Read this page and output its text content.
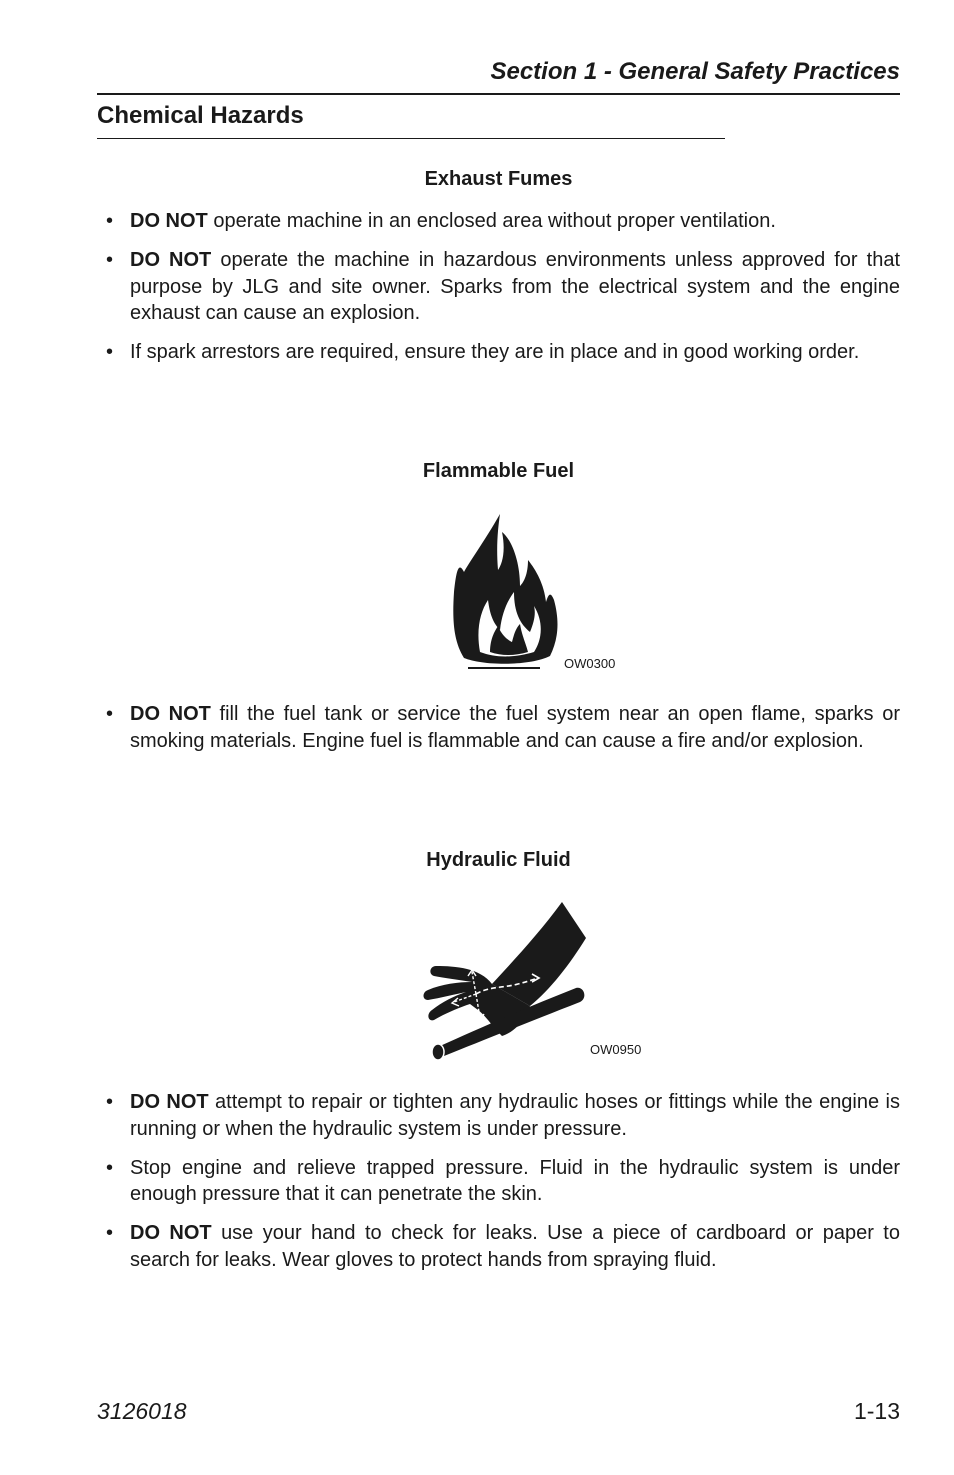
Section 1 - General Safety Practices
Chemical Hazards
Exhaust Fumes
• DO NOT operate machine in an enclosed area without proper ventilation.
• DO NOT operate the machine in hazardous environments unless approved for that purpose by JLG and site owner. Sparks from the electrical system and the engine exhaust can cause an explosion.
• If spark arrestors are required, ensure they are in place and in good working order.
Flammable Fuel
OW0300
• DO NOT fill the fuel tank or service the fuel system near an open flame, sparks or smoking materials. Engine fuel is flammable and can cause a fire and/or explosion.
Hydraulic Fluid
OW0950
• DO NOT attempt to repair or tighten any hydraulic hoses or fittings while the engine is running or when the hydraulic system is under pressure.
• Stop engine and relieve trapped pressure. Fluid in the hydraulic system is under enough pressure that it can penetrate the skin.
• DO NOT use your hand to check for leaks. Use a piece of cardboard or paper to search for leaks. Wear gloves to protect hands from spraying fluid.
3126018	1-13
